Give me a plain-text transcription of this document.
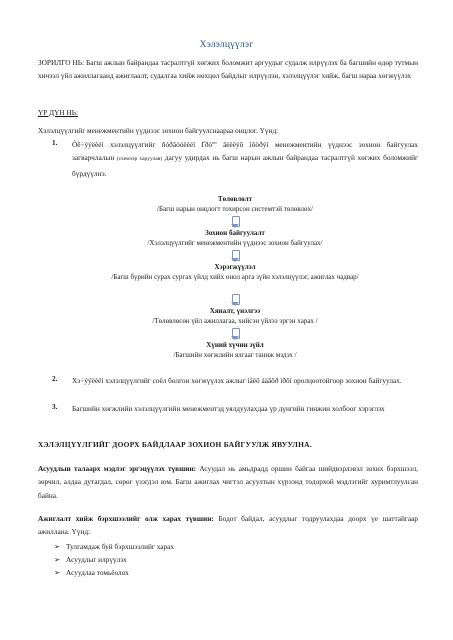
Хэлэлцүүлэг
ЗОРИЛГО НЬ: Багш ажлын байрандаа тасралтгүй хөгжих боломжит аргуудыг судалж илрүүлэх ба багшийн өдөр тутмын хичээл үйл ажиллагаанд ажиглаалт, судалгаа хийж нөхцөл байдлыг илрүүлэн, хэлэлцүүлэг хийж, багш нараа хөгжүүлэх
ҮР ДҮН НЬ:
Хэлэлцүүлгийг менежментийн үүднээс зохион байгуулснаараа онцлог. Үүнд:
1. Õê÷ýýëèéí хэлэлцүүлгийг ñóðãóóëèéí Ґðòºº ãèëëýõ ìôòðýí менежментийн үүднээс зохион байгуулах загварчлалын (схемээр харуулав) дагуу удирдах нь багш нарын ажлын байрандаа тасралтгүй хөгжих боломжийг бүрдүүлнэ.
Төлөвлөлт
/Багш нарын онцлогт тохирсон системтэй төлөвлөх/
Зохион байгуулалт
/Хэлэлцүүлгийг менежментийн үүднээс зохион байгуулах/
Хэрэгжүүлэл
/Багш бүрийн сурах сургах үйлд хийх онол арга зүйн хэлэлцүүлэг, ажиглах чадвар/
Хяналт, үнэлгээ
/Төлөвлөсөн үйл ажиллагаа, хийсэн үйлээ эргэн харах /
Хүний хүчин зүйл
/Багшийн хөгжлийн ялгааг таниж мэдэх /
2. Хэ÷ýýëèéí хэлэлцүүлгийг соёл болгон хөгжүүлэх ажлыг ìåëô áäãõð ìðõí оролцоотойгоор зохион байгуулах.
3. Багшийн хөгжлийн хэлэлцүүлгийн менежментэд уялдуулахдаа үр дүнгийн гинжин холбоог хэрэглэх
ХЭЛЭЛЦҮҮЛГИЙГ ДООРХ БАЙДЛААР ЗОХИОН БАЙГУУЛЖ ЯВУУЛНА.
Асуудлын талаарх мэдлэг эргэцүүлэх түвшин: Асуудал нь амьдрадд оршин байгаа шийдвэрлэвэл зохих бэрхшээл, зөрчил, алдаа дутагдал, сөрөг үзэгдэл юм. Багш ажиглах чигтэл асуултын хүрээнд тодорхой мэдлэгийг хуримтлуулсан байна.
Ажиглалт хийж бэрхшээлийг олж харах түвшин: Бодот байдал, асуудлыг тодруулахдаа доорх үе шаттайгаар ажиллана. Үүнд:
➢ Тулгамдаж буй бэрхшээлийг харах
➢ Асуудлыг илрүүлэх
➢ Асуудлаа томьёолох
